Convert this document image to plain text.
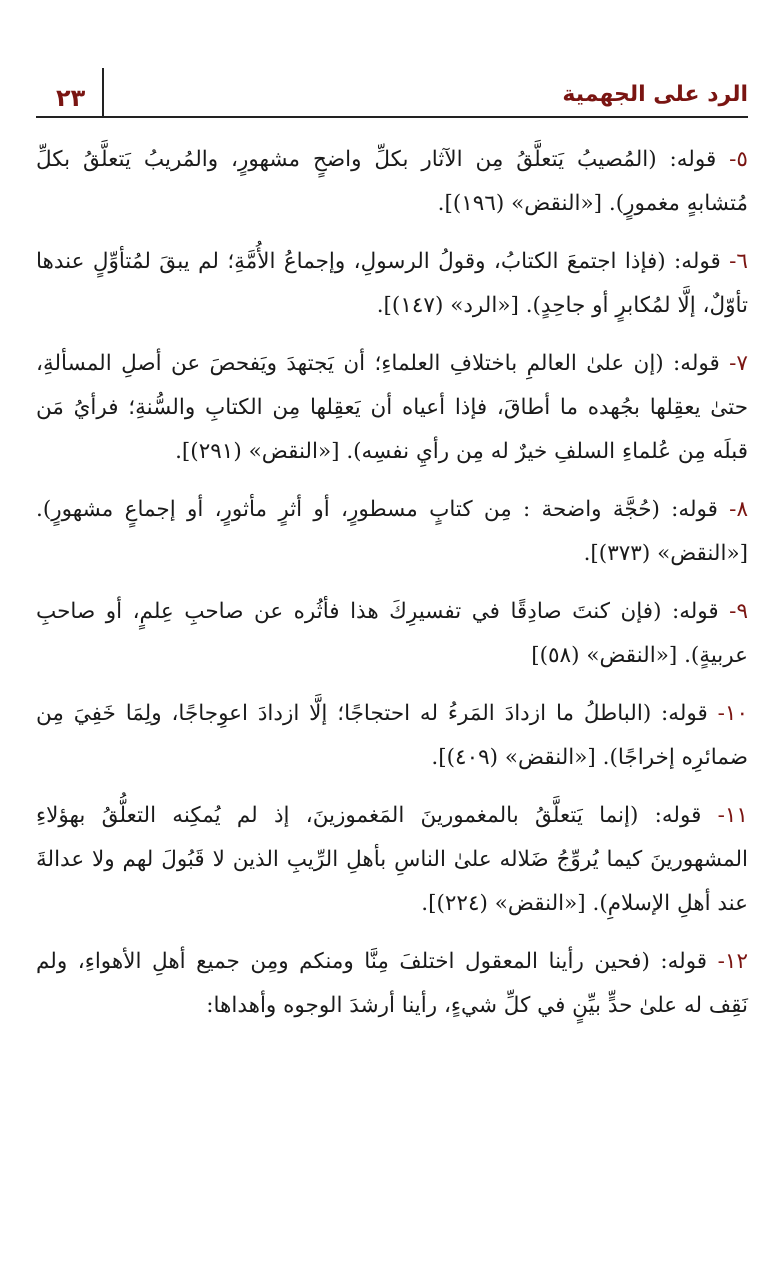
٢٣	الرد على الجهمية

٥- قوله: (المُصيبُ يَتعلَّقُ مِن الآثار بكلِّ واضحٍ مشهورٍ، والمُريبُ يَتعلَّقُ بكلِّ مُتشابهٍ مغمورٍ). [«النقض» (١٩٦)].

٦- قوله: (فإذا اجتمعَ الكتابُ، وقولُ الرسولِ، وإجماعُ الأُمَّةِ؛ لم يبقَ لمُتأوِّلٍ عندها تأوّلٌ، إلَّا لمُكابرٍ أو جاحِدٍ). [«الرد» (١٤٧)].

٧- قوله: (إن علىٰ العالمِ باختلافِ العلماءِ؛ أن يَجتهدَ ويَفحصَ عن أصلِ المسألةِ، حتىٰ يعقِلها بجُهده ما أطاقَ، فإذا أعياه أن يَعقِلها مِن الكتابِ والسُّنةِ؛ فرأيُ مَن قبلَه مِن عُلماءِ السلفِ خيرٌ له مِن رأيِ نفسِه). [«النقض» (٢٩١)].

٨- قوله: (حُجَّة واضحة : مِن كتابٍ مسطورٍ، أو أثرٍ مأثورٍ، أو إجماعٍ مشهورٍ). [«النقض» (٣٧٣)].

٩- قوله: (فإن كنتَ صادِقًا في تفسيرِكَ هذا فأثُره عن صاحبِ عِلمٍ، أو صاحبِ عربيةٍ). [«النقض» (٥٨)]

١٠- قوله: (الباطلُ ما ازدادَ المَرءُ له احتجاجًا؛ إلَّا ازدادَ اعوِجاجًا، ولِمَا خَفِيَ مِن ضمائرِه إخراجًا). [«النقض» (٤٠٩)].

١١- قوله: (إنما يَتعلَّقُ بالمغمورينَ المَغموزينَ، إذ لم يُمكِنه التعلُّقُ بهؤلاءِ المشهورينَ كيما يُروِّجُ ضَلاله علىٰ الناسِ بأهلِ الرِّيبِ الذين لا قَبُولَ لهم ولا عدالةَ عند أهلِ الإسلامِ). [«النقض» (٢٢٤)].

١٢- قوله: (فحين رأينا المعقول اختلفَ مِنَّا ومنكم ومِن جميع أهلِ الأهواءِ، ولم نَقِف له علىٰ حدٍّ بيِّنٍ في كلِّ شيءٍ، رأينا أرشدَ الوجوه وأهداها:
